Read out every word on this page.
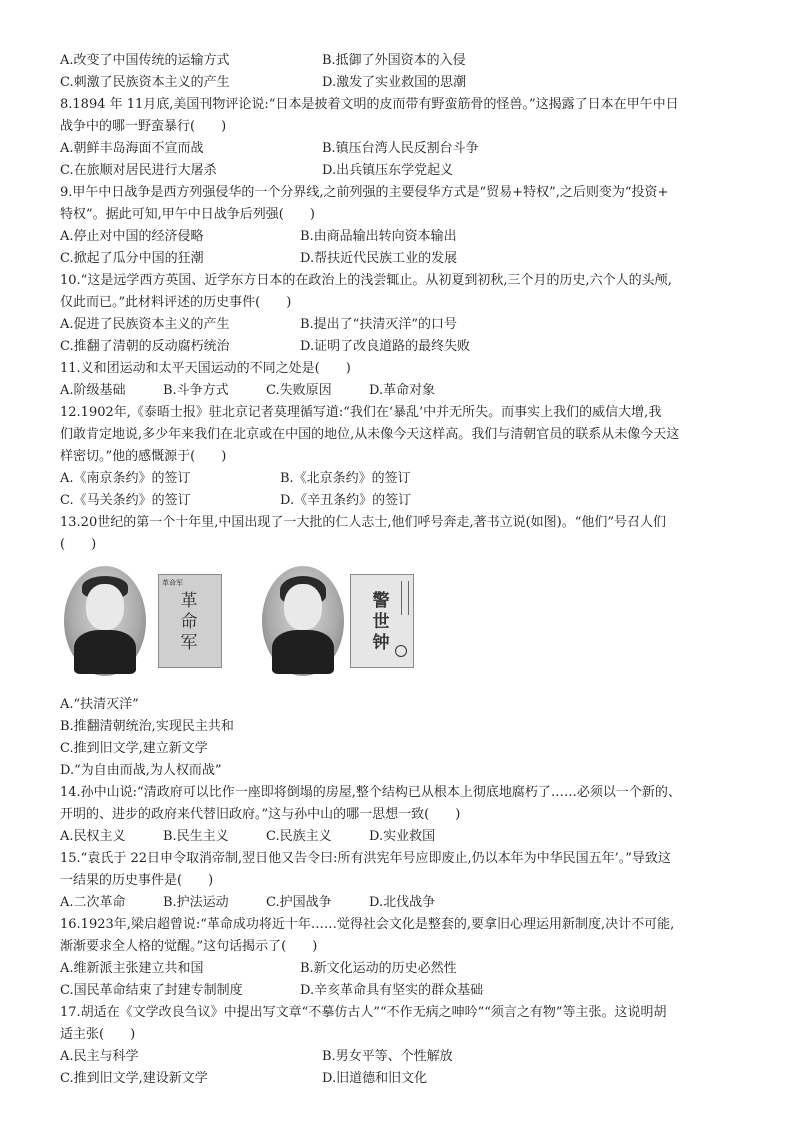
A.改变了中国传统的运输方式	B.抵御了外国资本的入侵
C.刺激了民族资本主义的产生	D.激发了实业救国的思潮
8.1894 年 11月底,美国刊物评论说:“日本是披着文明的皮而带有野蛮筋骨的怪兽。”这揭露了日本在甲午中日
战争中的哪一野蛮暴行(　　)
A.朝鲜丰岛海面不宣而战	B.镇压台湾人民反割台斗争
C.在旅顺对居民进行大屠杀	D.出兵镇压东学党起义
9.甲午中日战争是西方列强侵华的一个分界线,之前列强的主要侵华方式是“贸易+特权”,之后则变为“投资+
特权”。据此可知,甲午中日战争后列强(　　)
A.停止对中国的经济侵略	B.由商品输出转向资本输出
C.掀起了瓜分中国的狂潮	D.帮扶近代民族工业的发展
10.“这是远学西方英国、近学东方日本的在政治上的浅尝辄止。从初夏到初秋,三个月的历史,六个人的头颅,
仅此而已。”此材料评述的历史事件(　　)
A.促进了民族资本主义的产生	B.提出了“扶清灭洋”的口号
C.推翻了清朝的反动腐朽统治	D.证明了改良道路的最终失败
11.义和团运动和太平天国运动的不同之处是(　　)
A.阶级基础	B.斗争方式	C.失败原因	D.革命对象
12.1902年,《泰晤士报》驻北京记者莫理循写道:“我们在‘暴乱’中并无所失。而事实上我们的威信大增,我
们敢肯定地说,多少年来我们在北京或在中国的地位,从未像今天这样高。我们与清朝官员的联系从未像今天这
样密切。”他的感慨源于(　　)
A.《南京条约》的签订	B.《北京条约》的签订
C.《马关条约》的签订	D.《辛丑条约》的签订
13.20世纪的第一个十年里,中国出现了一大批的仁人志士,他们呼号奔走,著书立说(如图)。“他们”号召人们
(　　)
革命军
革命军
警世钟
A.“扶清灭洋”
B.推翻清朝统治,实现民主共和
C.推到旧文学,建立新文学
D.“为自由而战,为人权而战”
14.孙中山说:“清政府可以比作一座即将倒塌的房屋,整个结构已从根本上彻底地腐朽了……必须以一个新的、
开明的、进步的政府来代替旧政府。”这与孙中山的哪一思想一致(　　)
A.民权主义	B.民生主义	C.民族主义	D.实业救国
15.“袁氏于 22日申令取消帝制,翌日他又告令曰:所有洪宪年号应即废止,仍以本年为中华民国五年’。”导致这
一结果的历史事件是(　　)
A.二次革命	B.护法运动	C.护国战争	D.北伐战争
16.1923年,梁启超曾说:“革命成功将近十年……觉得社会文化是整套的,要拿旧心理运用新制度,决计不可能,
渐渐要求全人格的觉醒。”这句话揭示了(　　)
A.维新派主张建立共和国	B.新文化运动的历史必然性
C.国民革命结束了封建专制制度	D.辛亥革命具有坚实的群众基础
17.胡适在《文学改良刍议》中提出写文章“不摹仿古人”“不作无病之呻吟”“须言之有物”等主张。这说明胡
适主张(　　)
A.民主与科学	B.男女平等、个性解放
C.推到旧文学,建设新文学	D.旧道德和旧文化
